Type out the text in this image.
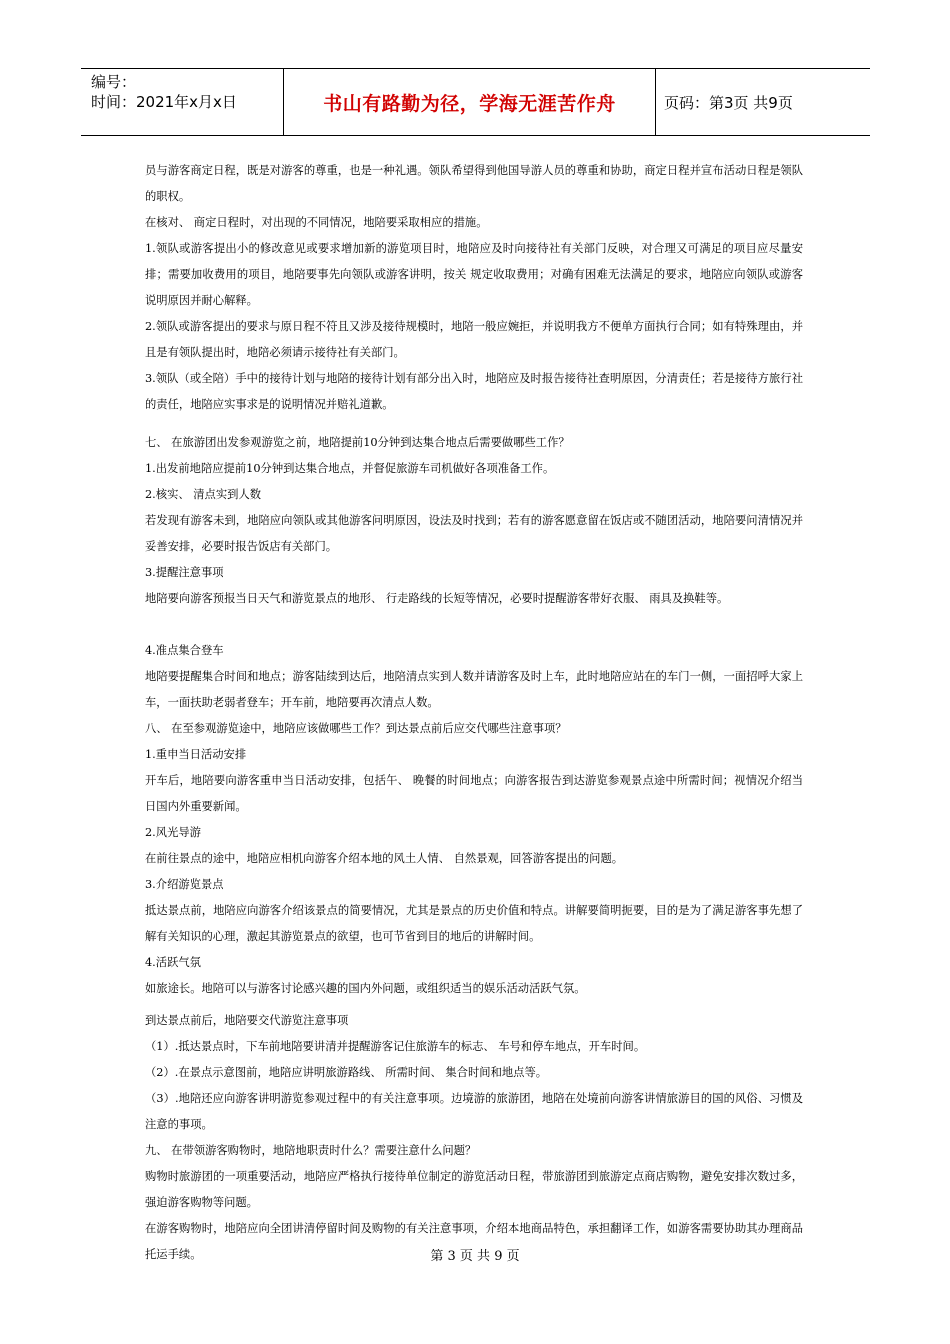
编号：
时间：2021年x月x日	书山有路勤为径，学海无涯苦作舟	页码：第3页 共9页

员与游客商定日程，既是对游客的尊重，也是一种礼遇。领队希望得到他国导游人员的尊重和协助，商定日程并宣布活动日程是领队的职权。

在核对、 商定日程时，对出现的不同情况，地陪要采取相应的措施。

1.领队或游客提出小的修改意见或要求增加新的游览项目时，地陪应及时向接待社有关部门反映，对合理又可满足的项目应尽量安排；需要加收费用的项目，地陪要事先向领队或游客讲明，按关 规定收取费用；对确有困难无法满足的要求，地陪应向领队或游客说明原因并耐心解释。

2.领队或游客提出的要求与原日程不符且又涉及接待规模时，地陪一般应婉拒，并说明我方不便单方面执行合同；如有特殊理由，并且是有领队提出时，地陪必须请示接待社有关部门。

3.领队（或全陪）手中的接待计划与地陪的接待计划有部分出入时，地陪应及时报告接待社查明原因，分清责任；若是接待方旅行社的责任，地陪应实事求是的说明情况并赔礼道歉。

七、 在旅游团出发参观游览之前，地陪提前10分钟到达集合地点后需要做哪些工作？

1.出发前地陪应提前10分钟到达集合地点，并督促旅游车司机做好各项准备工作。

2.核实、 清点实到人数

若发现有游客未到，地陪应向领队或其他游客问明原因，设法及时找到；若有的游客愿意留在饭店或不随团活动，地陪要问清情况并妥善安排，必要时报告饭店有关部门。

3.提醒注意事项

地陪要向游客预报当日天气和游览景点的地形、 行走路线的长短等情况，必要时提醒游客带好衣服、 雨具及换鞋等。

4.准点集合登车

地陪要提醒集合时间和地点；游客陆续到达后，地陪清点实到人数并请游客及时上车，此时地陪应站在的车门一侧，一面招呼大家上车，一面扶助老弱者登车；开车前，地陪要再次清点人数。

八、 在至参观游览途中，地陪应该做哪些工作？到达景点前后应交代哪些注意事项？

1.重申当日活动安排

开车后，地陪要向游客重申当日活动安排，包括午、 晚餐的时间地点；向游客报告到达游览参观景点途中所需时间；视情况介绍当日国内外重要新闻。

2.风光导游

在前往景点的途中，地陪应相机向游客介绍本地的风土人情、 自然景观，回答游客提出的问题。

3.介绍游览景点

抵达景点前，地陪应向游客介绍该景点的简要情况，尤其是景点的历史价值和特点。讲解要简明扼要，目的是为了满足游客事先想了解有关知识的心理，激起其游览景点的欲望，也可节省到目的地后的讲解时间。

4.活跃气氛

如旅途长。地陪可以与游客讨论感兴趣的国内外问题，或组织适当的娱乐活动活跃气氛。

到达景点前后，地陪要交代游览注意事项

（1）.抵达景点时，下车前地陪要讲清并提醒游客记住旅游车的标志、 车号和停车地点，开车时间。

（2）.在景点示意图前，地陪应讲明旅游路线、 所需时间、 集合时间和地点等。

（3）.地陪还应向游客讲明游览参观过程中的有关注意事项。边境游的旅游团，地陪在处境前向游客讲情旅游目的国的风俗、习惯及注意的事项。

九、 在带领游客购物时，地陪地职责时什么？需要注意什么问题？

购物时旅游团的一项重要活动，地陪应严格执行接待单位制定的游览活动日程，带旅游团到旅游定点商店购物，避免安排次数过多，强迫游客购物等问题。

在游客购物时，地陪应向全团讲清停留时间及购物的有关注意事项，介绍本地商品特色，承担翻译工作，如游客需要协助其办理商品托运手续。	第 3 页 共 9 页
